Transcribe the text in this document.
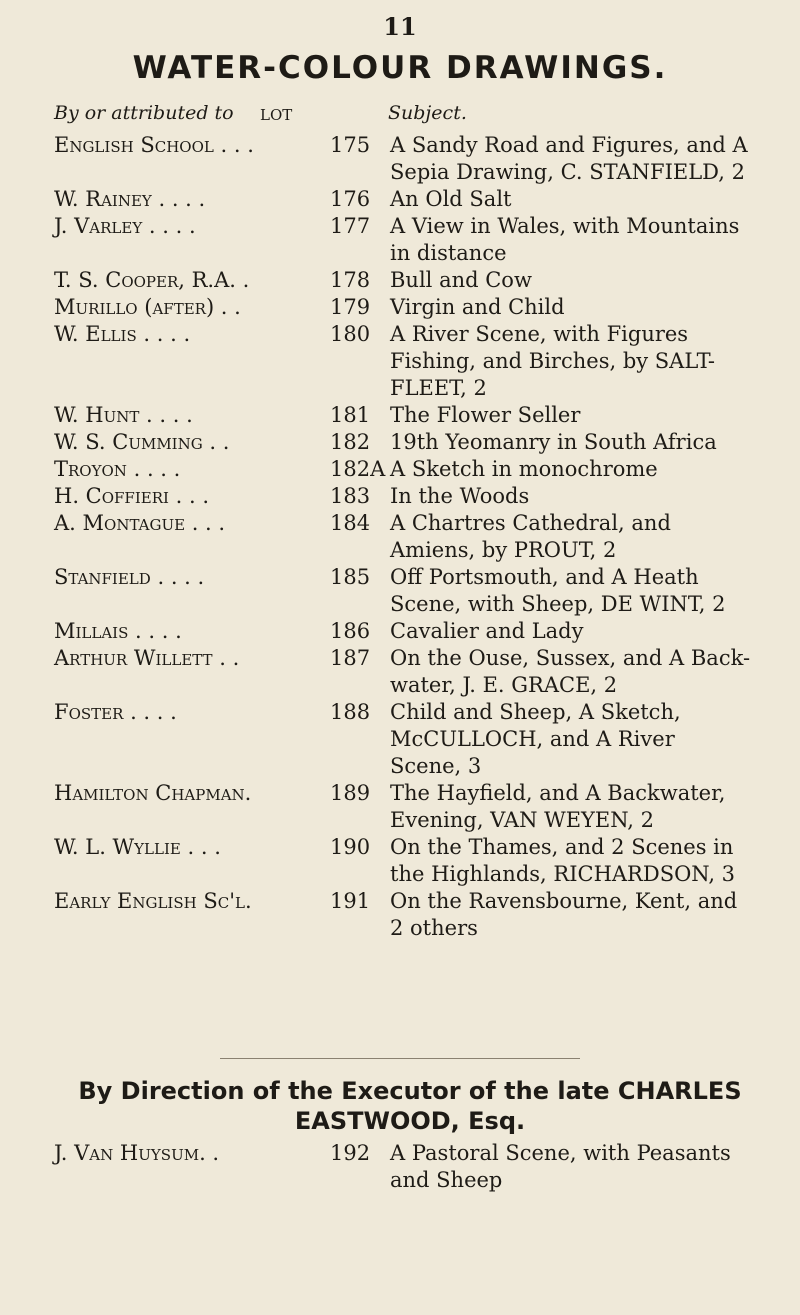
11
WATER-COLOUR DRAWINGS.
By or attributed to LOT	Subject.
English School . . .	175 A Sandy Road and Figures, and A Sepia Drawing, C. STANFIELD, 2
W. Rainey . . . .	176 An Old Salt
J. Varley . . . .	177 A View in Wales, with Mountains in distance
T. S. Cooper, R.A. .	178 Bull and Cow
Murillo (after) . .	179 Virgin and Child
W. Ellis . . . .	180 A River Scene, with Figures Fishing, and Birches, by SALT-FLEET, 2
W. Hunt . . . .	181 The Flower Seller
W. S. Cumming . .	182 19th Yeomanry in South Africa
Troyon . . . .	182A A Sketch in monochrome
H. Coffieri . . .	183 In the Woods
A. Montague . . .	184 A Chartres Cathedral, and Amiens, by PROUT, 2
Stanfield . . . .	185 Off Portsmouth, and A Heath Scene, with Sheep, DE WINT, 2
Millais . . . .	186 Cavalier and Lady
Arthur Willett . .	187 On the Ouse, Sussex, and A Back-water, J. E. GRACE, 2
Foster . . . .	188 Child and Sheep, A Sketch, McCULLOCH, and A River Scene, 3
Hamilton Chapman.	189 The Hayfield, and A Backwater, Evening, VAN WEYEN, 2
W. L. Wyllie . . .	190 On the Thames, and 2 Scenes in the Highlands, RICHARDSON, 3
Early English Sc'l.	191 On the Ravensbourne, Kent, and 2 others
By Direction of the Executor of the late CHARLES EASTWOOD, Esq.
J. Van Huysum. .	192 A Pastoral Scene, with Peasants and Sheep
